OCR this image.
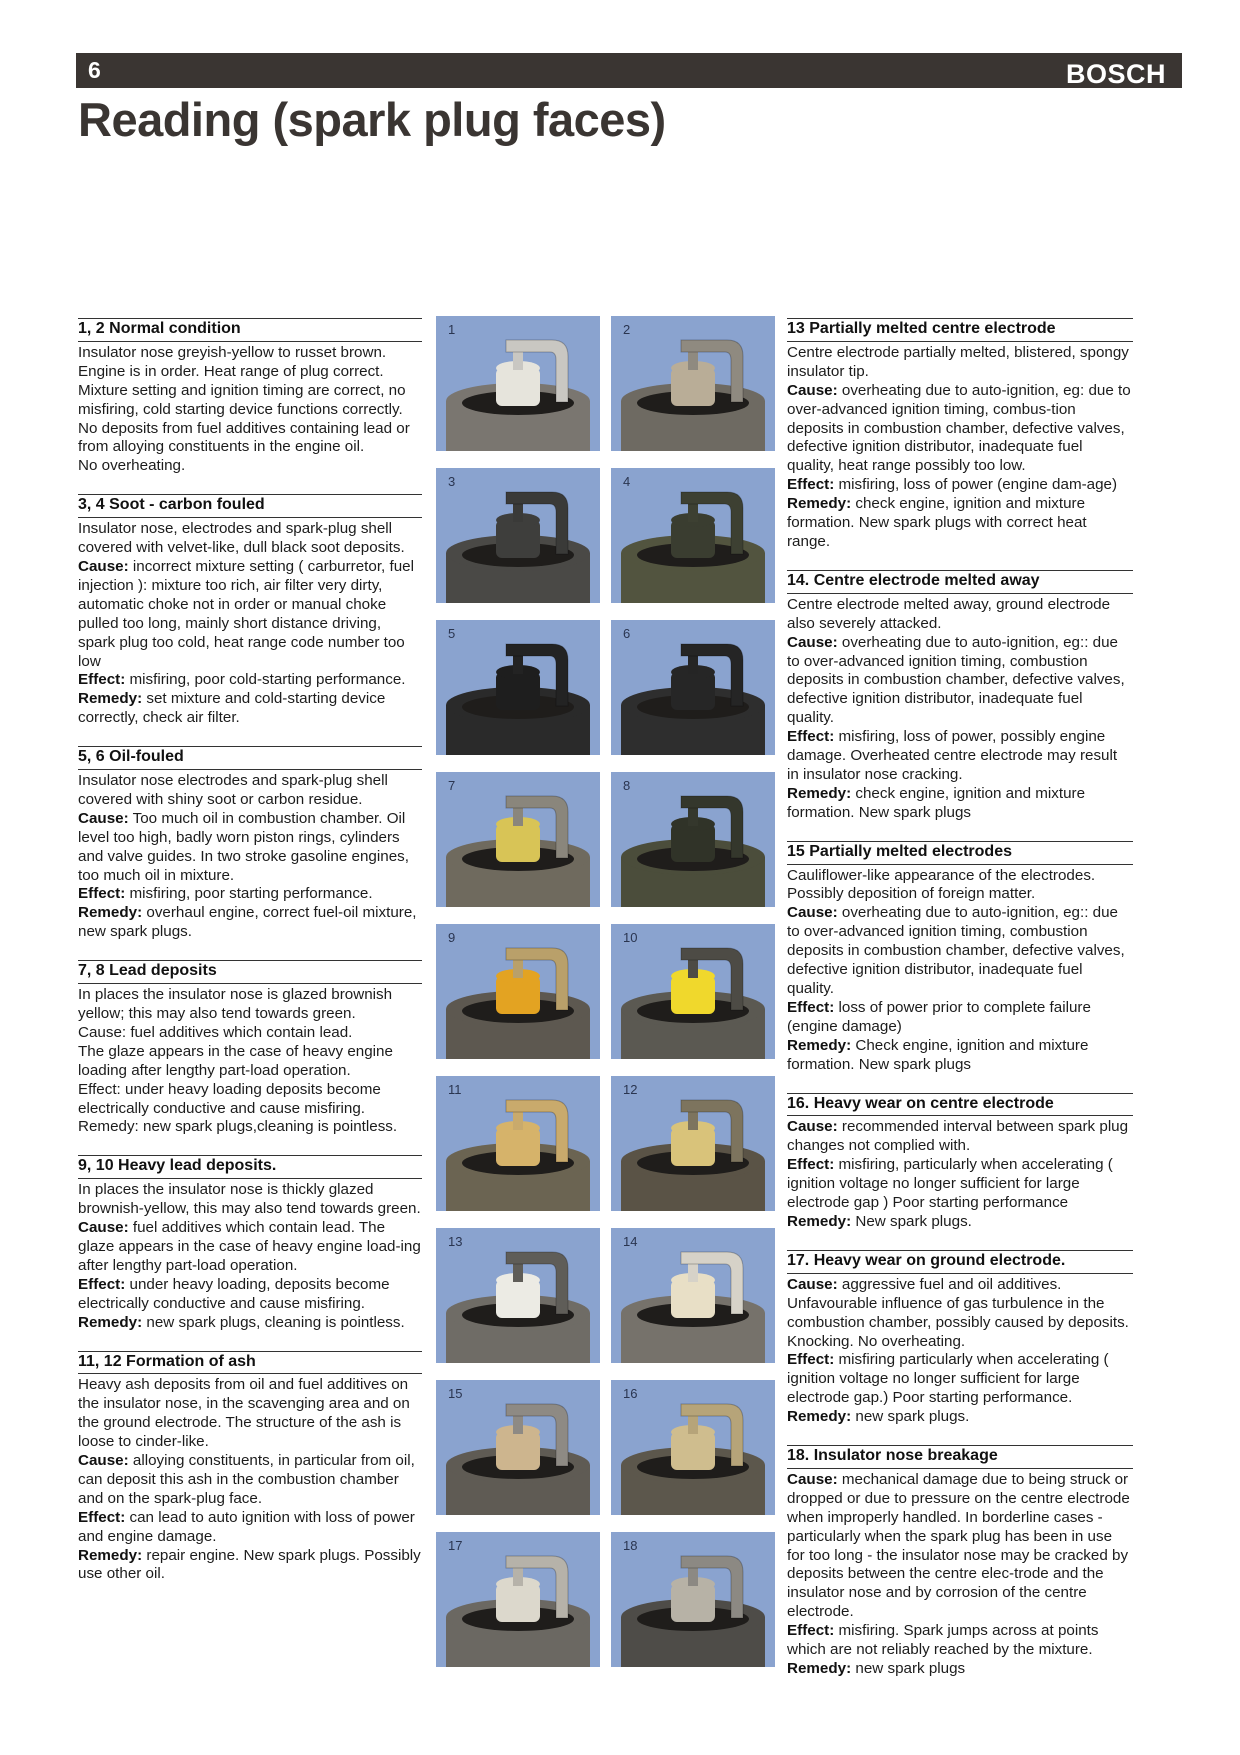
6	BOSCH
Reading (spark plug faces)
1, 2 Normal condition

Insulator nose greyish-yellow to russet brown. Engine is in order. Heat range of plug correct. Mixture setting and ignition timing are correct, no misfiring, cold starting device functions correctly.

No deposits from fuel additives containing lead or from alloying constituents in the engine oil.

No overheating.

3, 4 Soot - carbon fouled

Insulator nose, electrodes and spark-plug shell covered with velvet-like, dull black soot deposits.

Cause: incorrect mixture setting ( carburretor, fuel injection ): mixture too rich, air filter very dirty, automatic choke not in order or manual choke pulled too long, mainly short distance driving, spark plug too cold, heat range code number too low

Effect: misfiring, poor cold-starting performance.

Remedy: set mixture and cold-starting device correctly, check air filter.

5, 6 Oil-fouled

Insulator nose electrodes and spark-plug shell covered with shiny soot or carbon residue.

Cause: Too much oil in combustion chamber. Oil level too high, badly worn piston rings, cylinders and valve guides. In two stroke gasoline engines, too much oil in mixture.

Effect: misfiring, poor starting performance.

Remedy: overhaul engine, correct fuel-oil mixture, new spark plugs.

7, 8 Lead deposits

In places the insulator nose is glazed brownish yellow; this may also tend towards green.

Cause: fuel additives which contain lead.

The glaze appears in the case of heavy engine loading after lengthy part-load operation.

Effect: under heavy loading deposits become electrically conductive and cause misfiring.

Remedy: new spark plugs,cleaning is pointless.

9, 10 Heavy lead deposits.

In places the insulator nose is thickly glazed brownish-yellow, this may also tend towards green.

Cause: fuel additives which contain lead. The glaze appears in the case of heavy engine load-ing after lengthy part-load operation.

Effect: under heavy loading, deposits become electrically conductive and cause misfiring.

Remedy: new spark plugs, cleaning is pointless.

11, 12 Formation of ash

Heavy ash deposits from oil and fuel additives on the insulator nose, in the scavenging area and on the ground electrode. The structure of the ash is loose to cinder-like.

Cause: alloying constituents, in particular from oil, can deposit this ash in the combustion chamber and on the spark-plug face.

Effect: can lead to auto ignition with loss of power and engine damage.

Remedy: repair engine. New spark plugs. Possibly use other oil.

1	2
3	4
5	6
7	8
9	10
11	12
13	14
15	16
17	18
13 Partially melted centre electrode

Centre electrode partially melted, blistered, spongy insulator tip.

Cause: overheating due to auto-ignition, eg: due to over-advanced ignition timing, combus-tion deposits in combustion chamber, defective valves, defective ignition distributor, inadequate fuel quality, heat range possibly too low.

Effect: misfiring, loss of power (engine dam-age)

Remedy: check engine, ignition and mixture formation. New spark plugs with correct heat range.

14. Centre electrode melted away

Centre electrode melted away, ground electrode also severely attacked.

Cause: overheating due to auto-ignition, eg:: due to over-advanced ignition timing, combustion deposits in combustion chamber, defective valves, defective ignition distributor, inadequate fuel quality.

Effect: misfiring, loss of power, possibly engine damage. Overheated centre electrode may result in insulator nose cracking.

Remedy: check engine, ignition and mixture formation. New spark plugs

15 Partially melted electrodes

Cauliflower-like appearance of the electrodes. Possibly deposition of foreign matter.

Cause: overheating due to auto-ignition, eg:: due to over-advanced ignition timing, combustion deposits in combustion chamber, defective valves, defective ignition distributor, inadequate fuel quality.

Effect: loss of power prior to complete failure (engine damage)

Remedy: Check engine, ignition and mixture formation. New spark plugs

16. Heavy wear on centre electrode

Cause: recommended interval between spark plug changes not complied with.

Effect: misfiring, particularly when accelerating ( ignition voltage no longer sufficient for large electrode gap ) Poor starting performance

Remedy: New spark plugs.

17. Heavy wear on ground electrode.

Cause: aggressive fuel and oil additives. Unfavourable influence of gas turbulence in the combustion chamber, possibly caused by deposits. Knocking. No overheating.

Effect: misfiring particularly when accelerating ( ignition voltage no longer sufficient for large electrode gap.) Poor starting performance.

Remedy: new spark plugs.

18. Insulator nose breakage

Cause: mechanical damage due to being struck or dropped or due to pressure on the centre electrode when improperly handled. In borderline cases - particularly when the spark plug has been in use for too long - the insulator nose may be cracked by deposits between the centre elec-trode and the insulator nose and by corrosion of the centre electrode.

Effect: misfiring. Spark jumps across at points which are not reliably reached by the mixture.

Remedy: new spark plugs
